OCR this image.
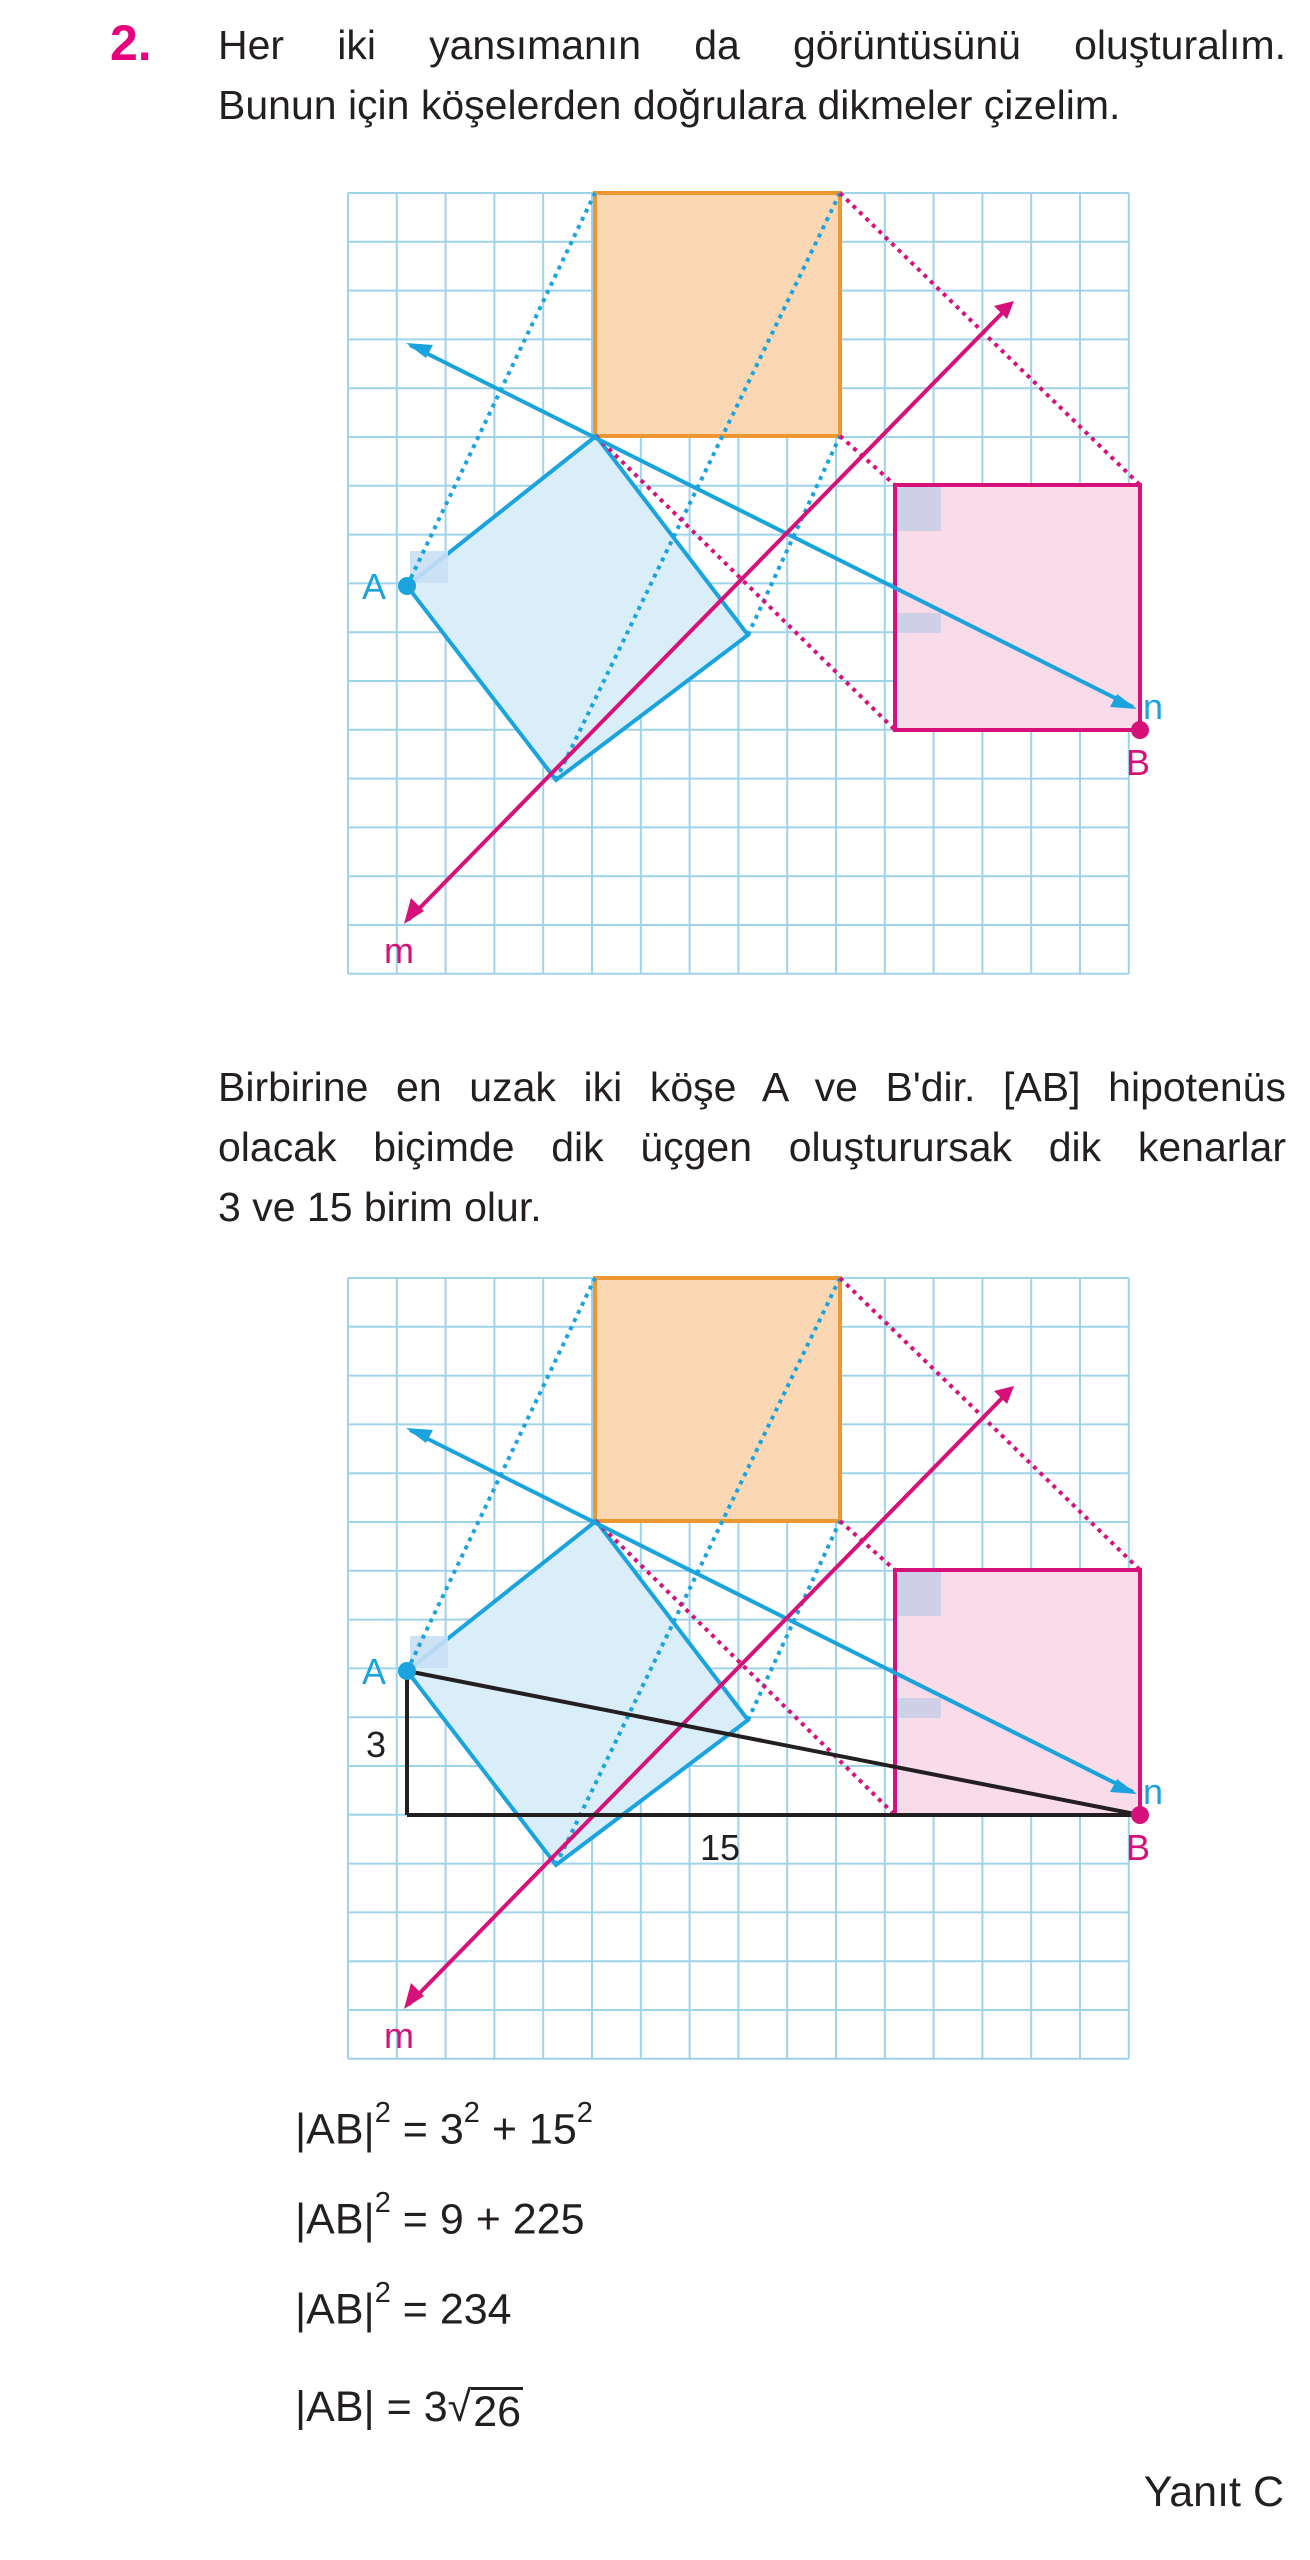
2. Her iki yansımanın da görüntüsünü oluşturalım.
Bunun için köşelerden doğrulara dikmeler çizelim.

A
B
n
m

Birbirine en uzak iki köşe A ve B'dir. [AB] hipotenüs
olacak biçimde dik üçgen oluşturursak dik kenarlar
3 ve 15 birim olur.

A
B
n
m
3
15
$|AB|^2 = 3^2 + 15^2$
$|AB|^2 = 9 + 225$
$|AB|^2 = 234$
|AB| = 3 √ 26
Yanıt C
